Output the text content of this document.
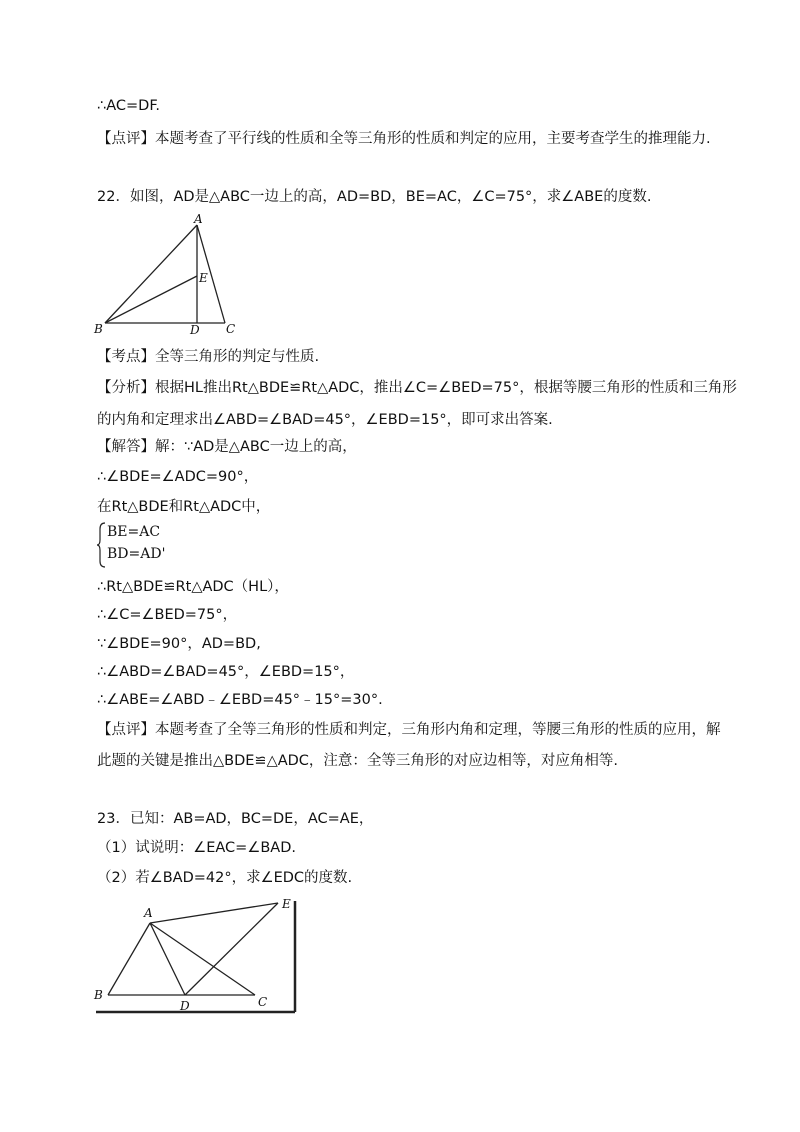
∴AC=DF.
【点评】本题考查了平行线的性质和全等三角形的性质和判定的应用，主要考查学生的推理能力.
22．如图，AD是△ABC一边上的高，AD=BD，BE=AC，∠C=75°，求∠ABE的度数.
A
B	C
D
E
【考点】全等三角形的判定与性质.
【分析】根据HL推出Rt△BDE≌Rt△ADC，推出∠C=∠BED=75°，根据等腰三角形的性质和三角形
的内角和定理求出∠ABD=∠BAD=45°，∠EBD=15°，即可求出答案.
【解答】解：∵AD是△ABC一边上的高，
∴∠BDE=∠ADC=90°，
在Rt△BDE和Rt△ADC中，
BE=AC
BD=AD'
∴Rt△BDE≌Rt△ADC（HL），
∴∠C=∠BED=75°，
∵∠BDE=90°，AD=BD,
∴∠ABD=∠BAD=45°，∠EBD=15°，
∴∠ABE=∠ABD﹣∠EBD=45°﹣15°=30°.
【点评】本题考查了全等三角形的性质和判定，三角形内角和定理，等腰三角形的性质的应用，解
此题的关键是推出△BDE≌△ADC，注意：全等三角形的对应边相等，对应角相等.
23．已知：AB=AD，BC=DE，AC=AE，
（1）试说明：∠EAC=∠BAD.
（2）若∠BAD=42°，求∠EDC的度数.
A
B	C
D
E
